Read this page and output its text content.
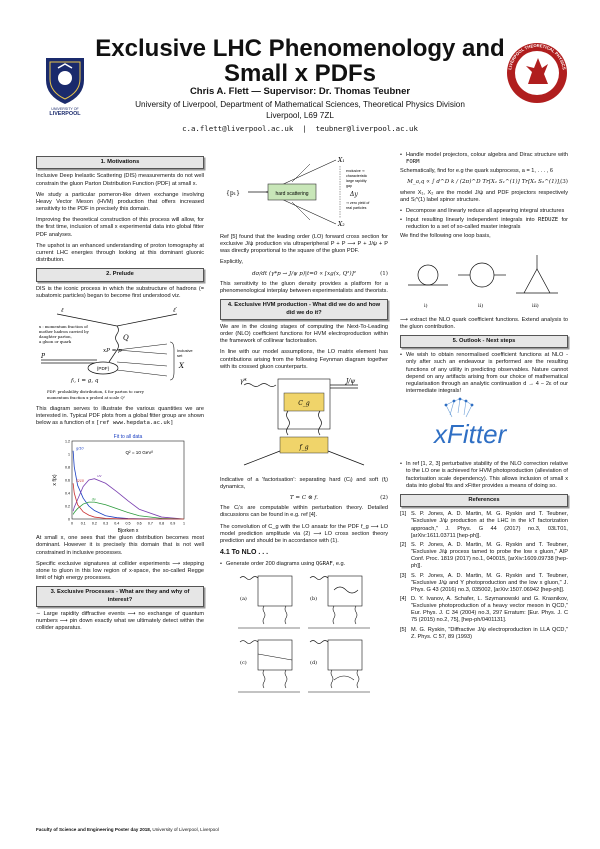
UNIVERSITY OF
LIVERPOOL
Exclusive LHC Phenomenology and
Small x PDFs
Chris A. Flett — Supervisor: Dr. Thomas Teubner
University of Liverpool, Department of Mathematical Sciences, Theoretical Physics Division
Liverpool, L69 7ZL
c.a.flett@liverpool.ac.uk | teubner@liverpool.ac.uk
LIVERPOOL THEORETICAL PHYSICS
1. Motivations
Inclusive Deep Inelastic Scattering (DIS) measurements do not well constrain the gluon Parton Distribution Function (PDF) at small x.
We study a particular pomeron-like driven exchange involving Heavy Vector Meson (HVM) production that offers increased sensitivity to the PDF in precisely this domain.
Improving the theoretical construction of this process will allow, for the first time, inclusion of small x experimental data into global fitter PDF analyses.
The upshot is an enhanced understanding of proton tomography at current LHC energies through looking at this dominant gluonic distribution.
2. Prelude
DIS is the iconic process in which the substructure of hadrons (= subatomic particles) began to become first understood viz.
ℓ	ℓ′
Q
P
{PDF}
xP = p	Inclusive
set
X
x : momentum fraction of
mother hadron carried by
daughter parton,
a gluon or quark
fᵢ, i = g, q
PDF: probability distribution, fᵢ for parton to carry
momentum fraction x probed at scale Q²
This diagram serves to illustrate the various quantities we are interested in. Typical PDF plots from a global fitter group are shown below as a function of x [ref www.hepdata.ac.uk]
Fit to all data
Q² = 10 GeV²
Bjorken x
x f(x)
0 0.1 0.2 0.3 0.4 0.5 0.6 0.7 0.8 0.9 1
0
0.2
0.4
0.6
0.8
1
1.2
g/10
uv
dv
S/10
At small x, one sees that the gluon distribution becomes most dominant. However it is precisely this domain that is not well constrained in inclusive processes.
Specific exclusive signatures at collider experiments ⟶ stepping stone to gluon in this low region of x-space, the so-called Regge limit of high energy processes.
3. Exclusive Processes - What are they and why of interest?
∼ Large rapidity diffractive events ⟶ no exchange of quantum numbers ⟶ pin down exactly what we ultimately detect within the collider apparatus.
{p₁}	hard scattering
X₁
X₂
exclusive ⇒
characteristic
large rapidity
gap
Δy
⇒ zero yield of
real particles
Ref [5] found that the leading order (LO) forward cross section for exclusive J/ψ production via ultraperipheral P + P ⟶ P + J/ψ + P was directly proportional to the square of the gluon PDF.
Explicitly,
dσ/dt (γ*p → J/ψ p)|t=0 ∝ [xg(x, Q²)]²	(1)
This sensitivity to the gluon density provides a platform for a phenomenological interplay between experimentalists and theorists.
4. Exclusive HVM production - What did we do and how did we do it?
We are in the closing stages of computing the Next-To-Leading order (NLO) coefficient functions for HVM electroproduction within the framework of collinear factorisation.
In line with our model assumptions, the LO matrix element has contributions arising from the following Feynman diagram together with its crossed gluon counterparts.
γ*	J/ψ
C_g
f_g
Indicative of a 'factorisation': separating hard (Cᵢ) and soft (fⱼ) dynamics,
T = C ⊗ f.	(2)
The Cᵢ's are computable within perturbation theory. Detailed discussions can be found in e.g. ref [4].
The convolution of C_g with the LO ansatz for the PDF f_g ⟶ LO model prediction amplitude via (2) ⟶ LO cross section theory prediction and should be in accordance with (1).
4.1 To NLO . . .
• Generate order 200 diagrams using QGRAF, e.g.
(a)	(b)
(c)	(d)
• Handle model projectors, colour algebra and Dirac structure with FORM
Schematically, find for e.g the quark subprocess, a = 1, . . . , 6
M_a,q ∝ ∫ d^D k / (2π)^D Tr[X₁ S₁^(1)] Tr[X₂ S₂^(1)], (3)
where X₁, X₂ are the model J/ψ and PDF projectors respectively and Sᵢ^(1) label spinor structure.
• Decompose and linearly reduce all appearing integral structures
• Input resulting linearly independent integrals into REDUZE for reduction to a set of so-called master integrals
We find the following one loop basis,
i)	ii)	iii)
⟶ extract the NLO quark coefficient functions. Extend analysis to the gluon contribution.
5. Outlook - Next steps
• We wish to obtain renormalised coefficient functions at NLO - only after such an endeavour is performed are the resulting functions of any utility in predicting observables. Nature cannot depend on any artifacts arising from our choice of mathematical regularisation through an analytic continuation d → 4 − 2ε of our intermediate integrals!
xFitter
• In ref [1, 2, 3] perturbative stability of the NLO correction relative to the LO one is achieved for HVM photoproduction (alleviation of factorisation scale dependency). This allows inclusion of small x data into global fits and xFitter provides a means of doing so.
References
[1] S. P. Jones, A. D. Martin, M. G. Ryskin and T. Teubner, "Exclusive J/ψ production at the LHC in the kT factorization approach," J. Phys. G 44 (2017) no.3, 03LT01, [arXiv:1611.03711 [hep-ph]].
[2] S. P. Jones, A. D. Martin, M. G. Ryskin and T. Teubner, "Exclusive J/ψ process tamed to probe the low x gluon," AIP Conf. Proc. 1819 (2017) no.1, 040015, [arXiv:1609.09738 [hep-ph]].
[3] S. P. Jones, A. D. Martin, M. G. Ryskin and T. Teubner, "Exclusive J/ψ and Υ photoproduction and the low x gluon," J. Phys. G 43 (2016) no.3, 035002, [arXiv:1507.06942 [hep-ph]].
[4] D. Y. Ivanov, A. Schafer, L. Szymanowski and G. Krasnikov, "Exclusive photoproduction of a heavy vector meson in QCD," Eur. Phys. J. C 34 (2004) no.3, 297 Erratum: [Eur. Phys. J. C 75 (2015) no.2, 75], [hep-ph/0401131].
[5] M. G. Ryskin, "Diffractive J/ψ electroproduction in LLA QCD," Z. Phys. C 57, 89 (1993)
Faculty of Science and Engineering Poster day 2018, University of Liverpool, Liverpool
